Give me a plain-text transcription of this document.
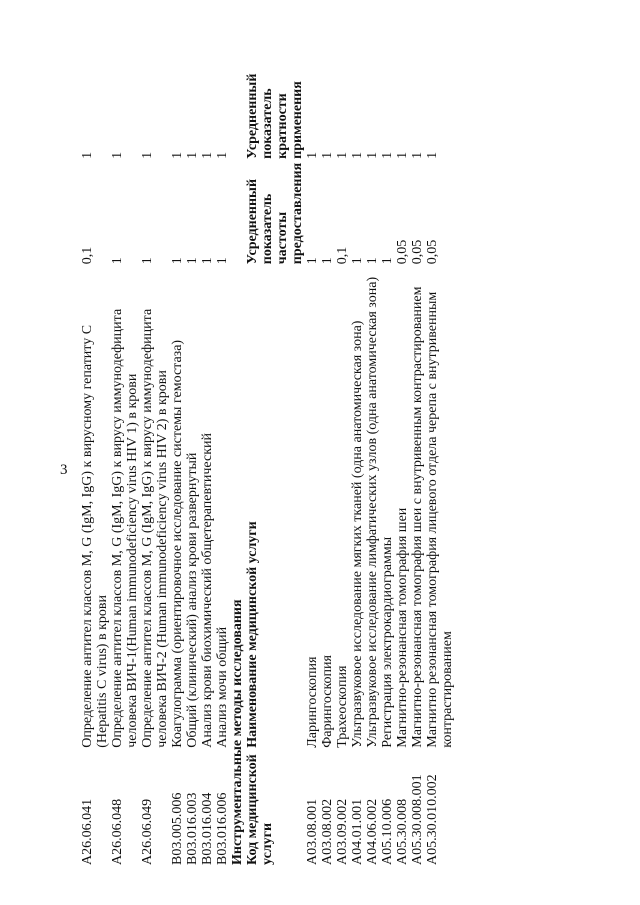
3
A26.06.041	Определение антител классов M, G (IgM, IgG) к вирусному гепатиту C (Hepatitis C virus) в крови	0,1	1
A26.06.048	Определение антител классов M, G (IgM, IgG) к вирусу иммунодефицита человека ВИЧ-1(Human immunodeficiency virus HIV 1) в крови	1	1
A26.06.049	Определение антител классов M, G (IgM, IgG) к вирусу иммунодефицита человека ВИЧ-2 (Human immunodeficiency virus HIV 2) в крови	1	1
B03.005.006	Коагулограмма (ориентировочное исследование системы гемостаза)	1	1
B03.016.003	Общий (клинический) анализ крови развернутый	1	1
B03.016.004	Анализ крови биохимический общетерапевтический	1	1
B03.016.006	Анализ мочи общий	1	1
Инструментальные методы исследования			
Код медицинской услуги	Наименование медицинской услуги	Усредненный показатель частоты предоставления	Усредненный показатель кратности применения
A03.08.001	Ларингоскопия	1	1
A03.08.002	Фарингоскопия	1	1
A03.09.002	Трахеоскопия	0,1	1
A04.01.001	Ультразвуковое исследование мягких тканей (одна анатомическая зона)	1	1
A04.06.002	Ультразвуковое исследование лимфатических узлов (одна анатомическая зона)	1	1
A05.10.006	Регистрация электрокардиограммы	1	1
A05.30.008	Магнитно-резонансная томография шеи	0,05	1
A05.30.008.001	Магнитно-резонансная томография шеи с внутривенным контрастированием	0,05	1
A05.30.010.002	Магнитно резонансная томография лицевого отдела черепа с внутривенным контрастированием	0,05	1
